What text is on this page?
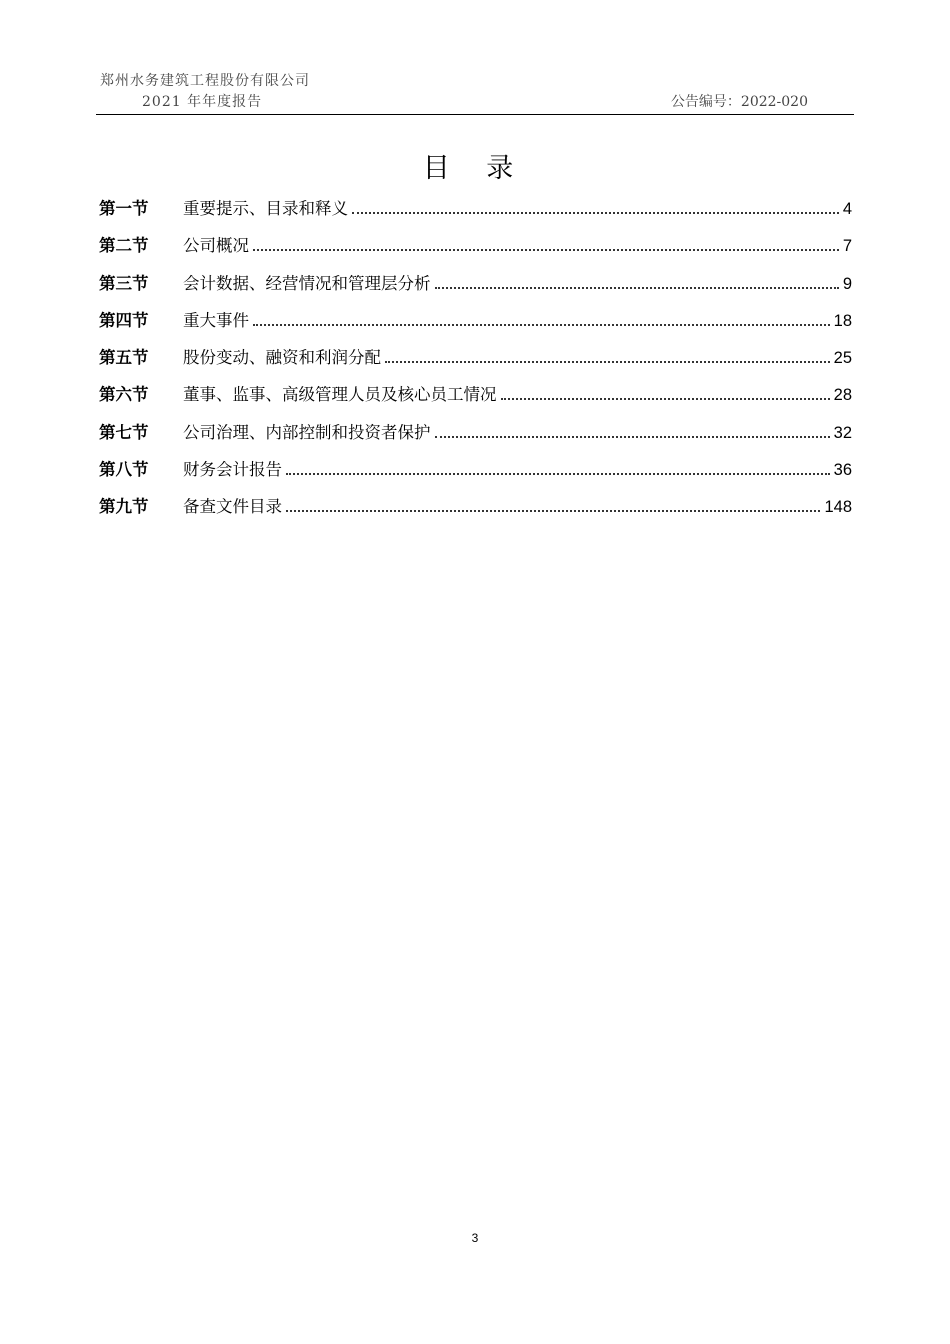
郑州水务建筑工程股份有限公司
2021 年年度报告	公告编号：2022-020
目 录
第一节	重要提示、目录和释义	4
第二节	公司概况	7
第三节	会计数据、经营情况和管理层分析	9
第四节	重大事件	18
第五节	股份变动、融资和利润分配	25
第六节	董事、监事、高级管理人员及核心员工情况	28
第七节	公司治理、内部控制和投资者保护	32
第八节	财务会计报告	36
第九节	备查文件目录	148
3
